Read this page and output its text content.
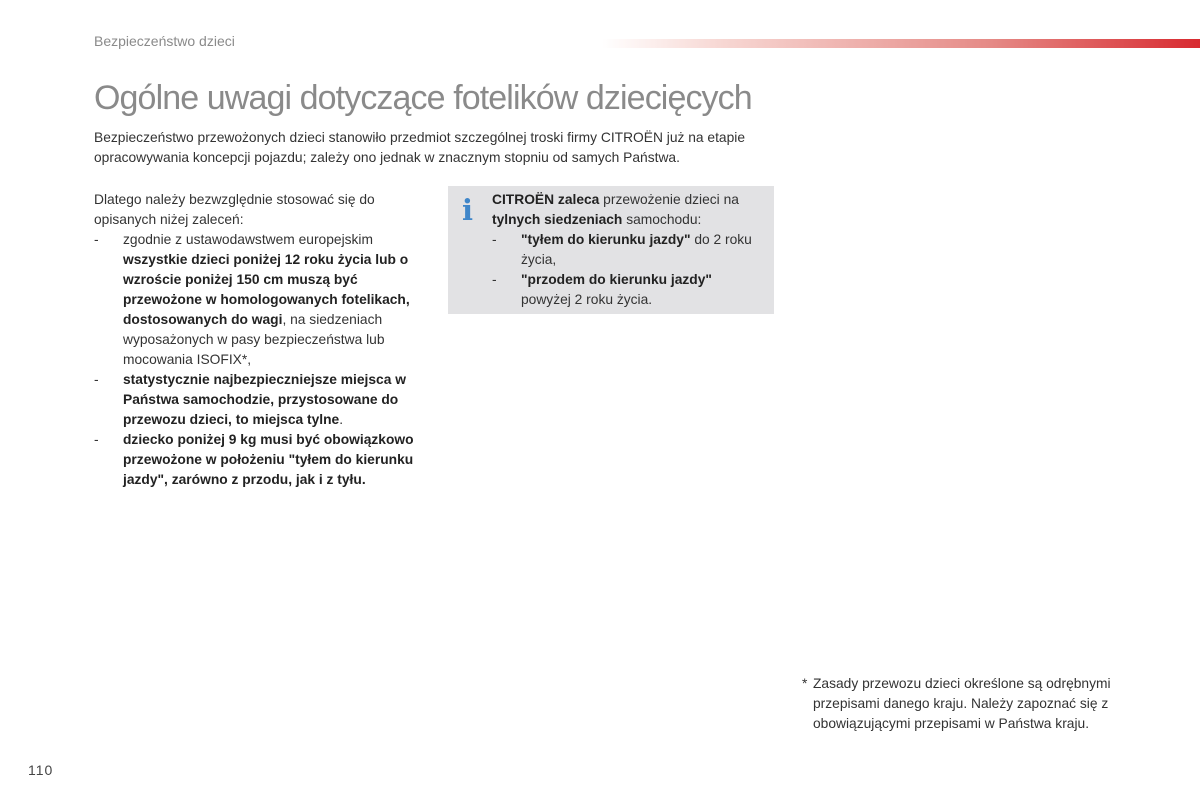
Bezpieczeństwo dzieci
Ogólne uwagi dotyczące fotelików dziecięcych

Bezpieczeństwo przewożonych dzieci stanowiło przedmiot szczególnej troski firmy CITROËN już na etapie opracowywania koncepcji pojazdu; zależy ono jednak w znacznym stopniu od samych Państwa.

Dlatego należy bezwzględnie stosować się do opisanych niżej zaleceń:

- zgodnie z ustawodawstwem europejskim wszystkie dzieci poniżej 12 roku życia lub o wzroście poniżej 150 cm muszą być przewożone w homologowanych fotelikach, dostosowanych do wagi, na siedzeniach wyposażonych w pasy bezpieczeństwa lub mocowania ISOFIX*,
- statystycznie najbezpieczniejsze miejsca w Państwa samochodzie, przystosowane do przewozu dzieci, to miejsca tylne.
- dziecko poniżej 9 kg musi być obowiązkowo przewożone w położeniu "tyłem do kierunku jazdy", zarówno z przodu, jak i z tyłu.
i CITROËN zaleca przewożenie dzieci na tylnych siedzeniach samochodu:

- "tyłem do kierunku jazdy" do 2 roku życia,
- "przodem do kierunku jazdy" powyżej 2 roku życia.
* Zasady przewozu dzieci określone są odrębnymi przepisami danego kraju. Należy zapoznać się z obowiązującymi przepisami w Państwa kraju.

110
